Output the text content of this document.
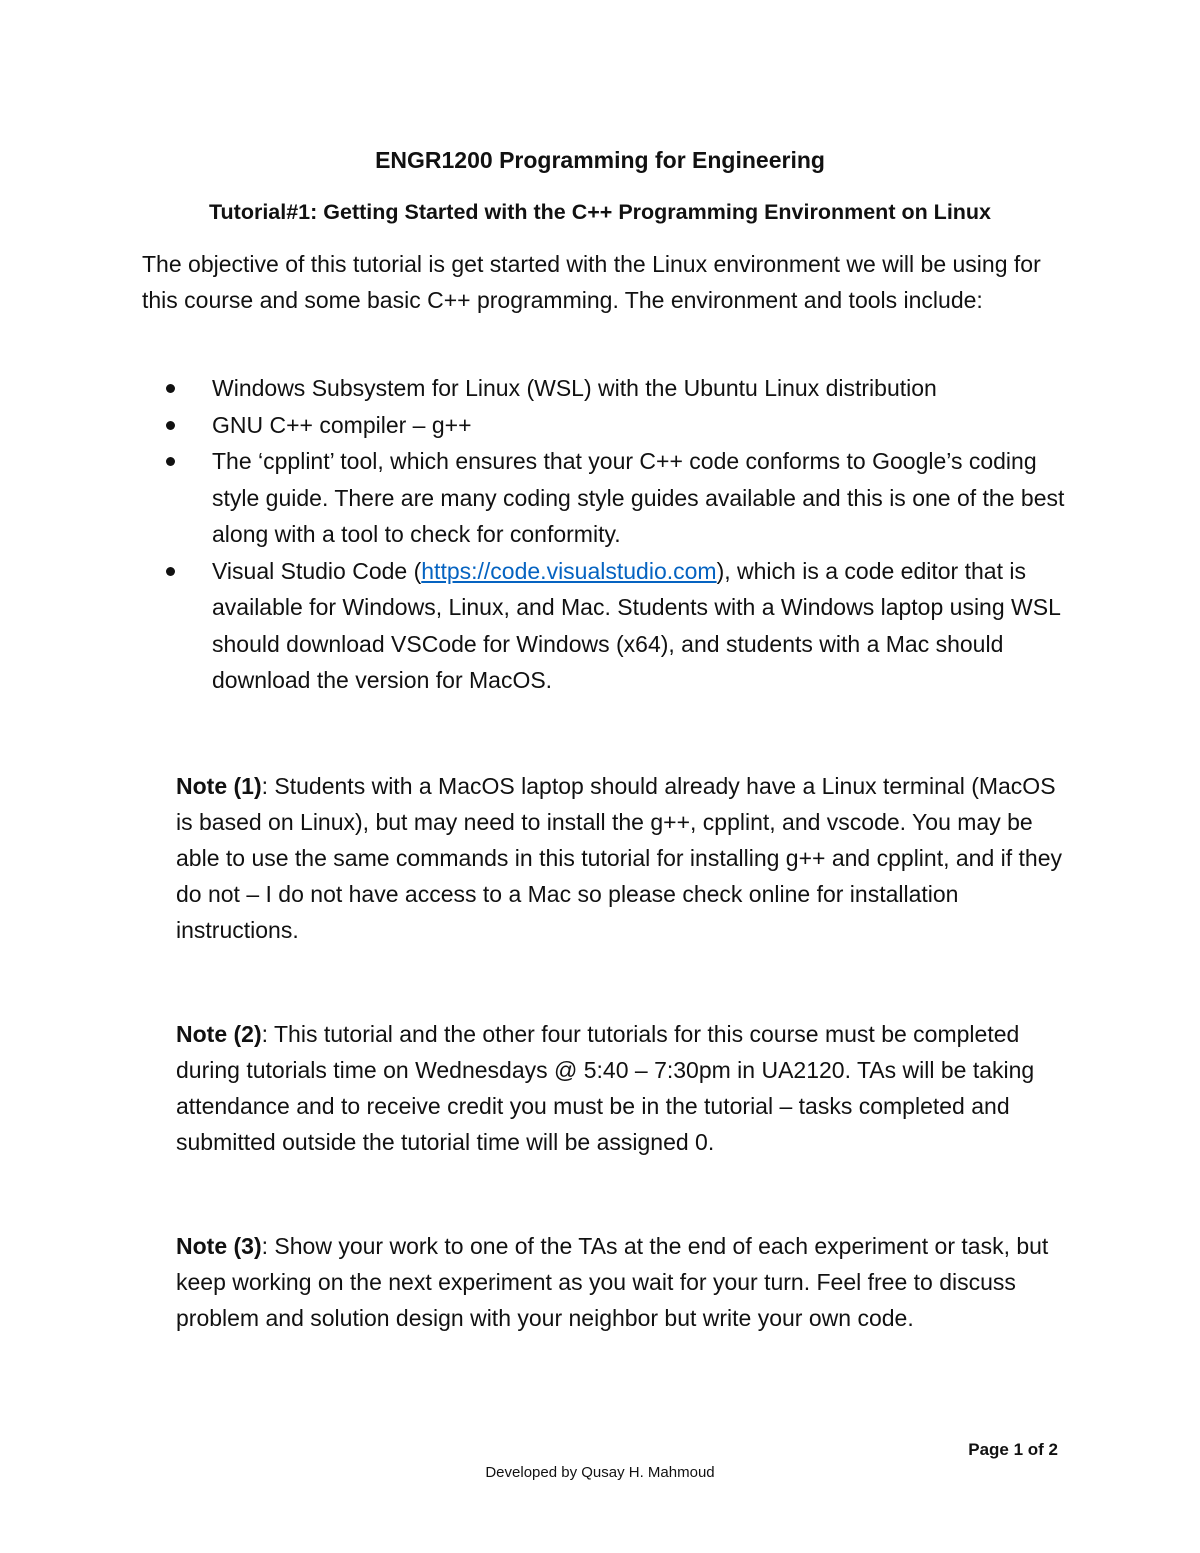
ENGR1200 Programming for Engineering
Tutorial#1: Getting Started with the C++ Programming Environment on Linux

The objective of this tutorial is get started with the Linux environment we will be using for this course and some basic C++ programming. The environment and tools include:

Windows Subsystem for Linux (WSL) with the Ubuntu Linux distribution
GNU C++ compiler – g++
The ‘cpplint’ tool, which ensures that your C++ code conforms to Google’s coding style guide. There are many coding style guides available and this is one of the best along with a tool to check for conformity.
Visual Studio Code (https://code.visualstudio.com), which is a code editor that is available for Windows, Linux, and Mac. Students with a Windows laptop using WSL should download VSCode for Windows (x64), and students with a Mac should download the version for MacOS.

Note (1): Students with a MacOS laptop should already have a Linux terminal (MacOS is based on Linux), but may need to install the g++, cpplint, and vscode. You may be able to use the same commands in this tutorial for installing g++ and cpplint, and if they do not – I do not have access to a Mac so please check online for installation instructions.

Note (2): This tutorial and the other four tutorials for this course must be completed during tutorials time on Wednesdays @ 5:40 – 7:30pm in UA2120. TAs will be taking attendance and to receive credit you must be in the tutorial – tasks completed and submitted outside the tutorial time will be assigned 0.

Note (3): Show your work to one of the TAs at the end of each experiment or task, but keep working on the next experiment as you wait for your turn. Feel free to discuss problem and solution design with your neighbor but write your own code.

Page 1 of 2
Developed by Qusay H. Mahmoud
